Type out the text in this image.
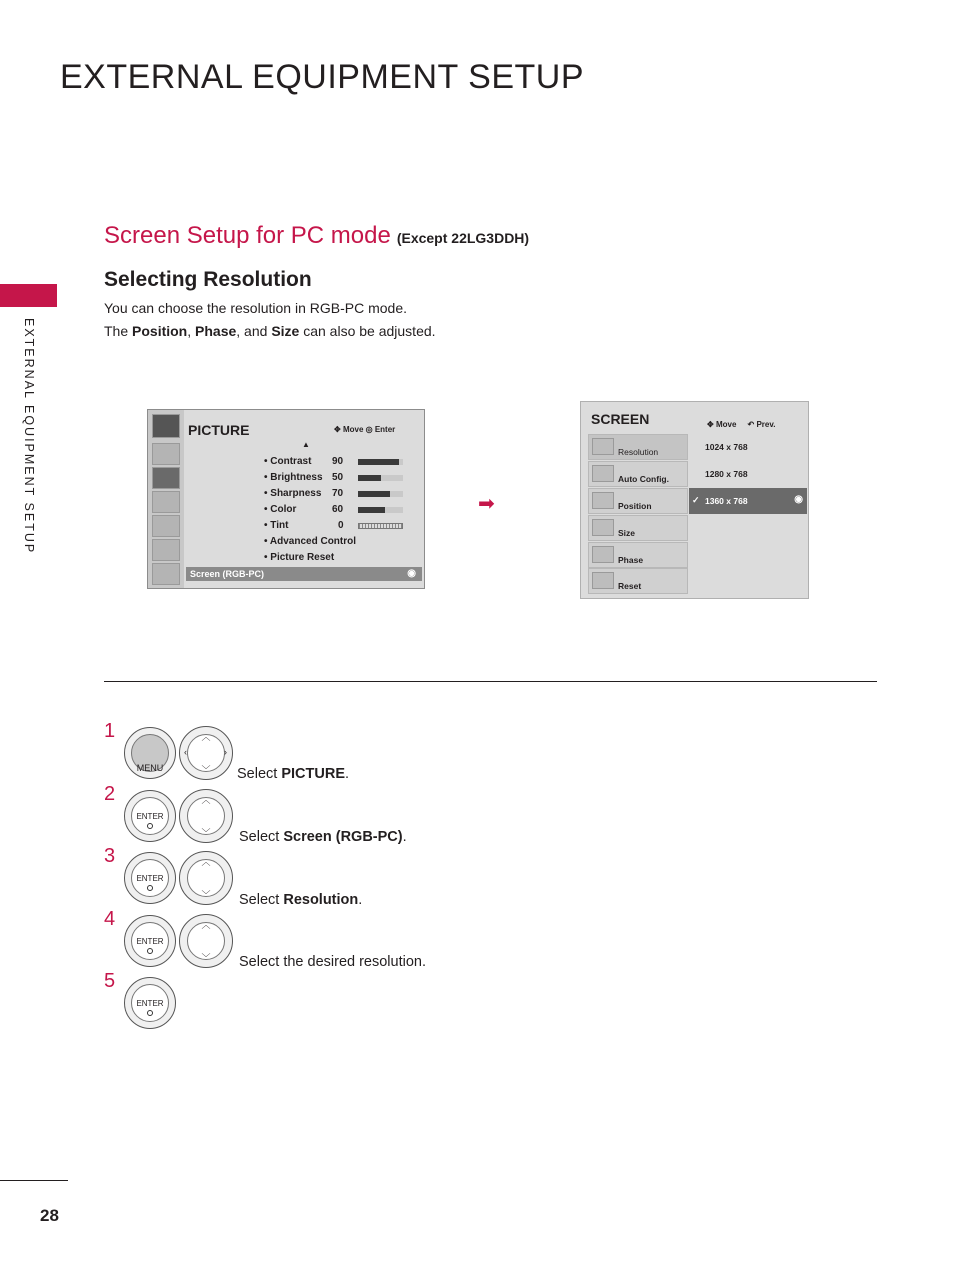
EXTERNAL EQUIPMENT SETUP
EXTERNAL EQUIPMENT SETUP
Screen Setup for PC mode (Except 22LG3DDH)
Selecting Resolution
You can choose the resolution in RGB-PC mode.
The Position, Phase, and Size can also be adjusted.
PICTURE	✥ Move ◎ Enter
▲
• Contrast 90
• Brightness 50
• Sharpness 70
• Color	60
• Tint	0
• Advanced Control
• Picture Reset
Screen (RGB-PC)	◉
➡
SCREEN	✥ Move ↶ Prev.
Resolution
Auto Config.
Position
Size
Phase
Reset
1024 x 768
1280 x 768
✓ 1360 x 768	◉
1
2
3
4
5
MENU
︿
﹀
‹	›
Select PICTURE.
ENTER
︿
﹀	Select Screen (RGB-PC).
ENTER
︿
﹀	Select Resolution.
ENTER
︿
﹀	Select the desired resolution.
ENTER
28
